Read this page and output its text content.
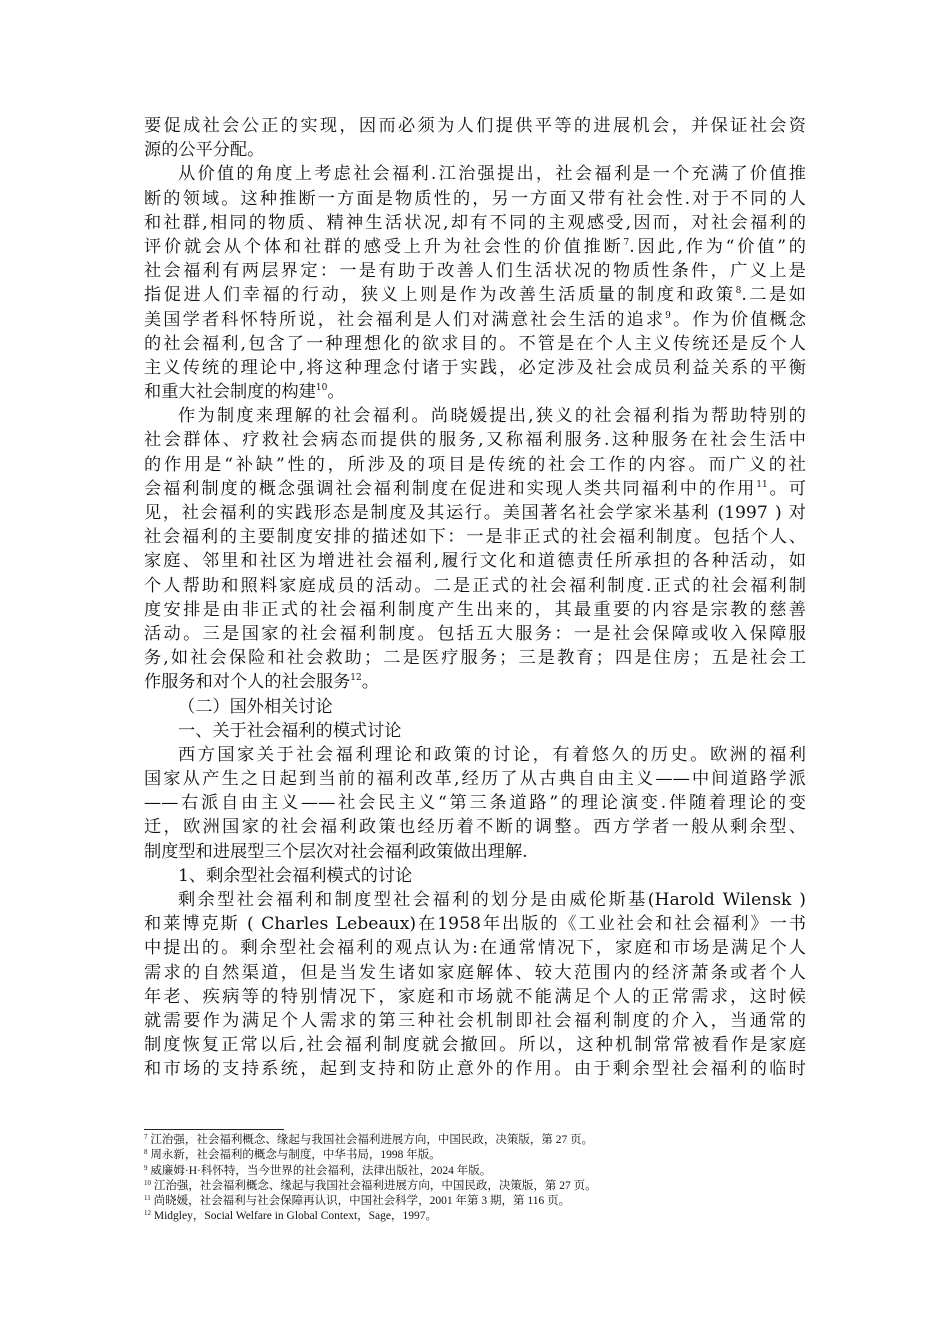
要促成社会公正的实现，因而必须为人们提供平等的进展机会，并保证社会资
源的公平分配。
从价值的角度上考虑社会福利.江治强提出，社会福利是一个充满了价值推
断的领域。这种推断一方面是物质性的，另一方面又带有社会性.对于不同的人
和社群,相同的物质、精神生活状况,却有不同的主观感受,因而，对社会福利的
评价就会从个体和社群的感受上升为社会性的价值推断$^7$.因此,作为“价值”的
社会福利有两层界定：一是有助于改善人们生活状况的物质性条件，广义上是
指促进人们幸福的行动，狭义上则是作为改善生活质量的制度和政策$^8$.二是如
美国学者科怀特所说，社会福利是人们对满意社会生活的追求$^9$。作为价值概念
的社会福利,包含了一种理想化的欲求目的。不管是在个人主义传统还是反个人
主义传统的理论中,将这种理念付诸于实践，必定涉及社会成员利益关系的平衡
和重大社会制度的构建$^{10}$。
作为制度来理解的社会福利。尚晓媛提出,狭义的社会福利指为帮助特别的
社会群体、疗救社会病态而提供的服务,又称福利服务.这种服务在社会生活中
的作用是“补缺”性的，所涉及的项目是传统的社会工作的内容。而广义的社
会福利制度的概念强调社会福利制度在促进和实现人类共同福利中的作用$^{11}$。可
见，社会福利的实践形态是制度及其运行。美国著名社会学家米基利 (1997 ) 对
社会福利的主要制度安排的描述如下：一是非正式的社会福利制度。包括个人、
家庭、邻里和社区为增进社会福利,履行文化和道德责任所承担的各种活动，如
个人帮助和照料家庭成员的活动。二是正式的社会福利制度.正式的社会福利制
度安排是由非正式的社会福利制度产生出来的，其最重要的内容是宗教的慈善
活动。三是国家的社会福利制度。包括五大服务：一是社会保障或收入保障服
务,如社会保险和社会救助；二是医疗服务；三是教育；四是住房；五是社会工
作服务和对个人的社会服务$^{12}$。
（二）国外相关讨论
一、关于社会福利的模式讨论
西方国家关于社会福利理论和政策的讨论，有着悠久的历史。欧洲的福利
国家从产生之日起到当前的福利改革,经历了从古典自由主义——中间道路学派
——右派自由主义——社会民主义“第三条道路”的理论演变.伴随着理论的变
迁，欧洲国家的社会福利政策也经历着不断的调整。西方学者一般从剩余型、
制度型和进展型三个层次对社会福利政策做出理解.
1、剩余型社会福利模式的讨论
剩余型社会福利和制度型社会福利的划分是由威伦斯基(Harold Wilensk )
和莱博克斯 ( Charles Lebeaux)在1958年出版的《工业社会和社会福利》一书
中提出的。剩余型社会福利的观点认为:在通常情况下，家庭和市场是满足个人
需求的自然渠道，但是当发生诸如家庭解体、较大范围内的经济萧条或者个人
年老、疾病等的特别情况下，家庭和市场就不能满足个人的正常需求，这时候
就需要作为满足个人需求的第三种社会机制即社会福利制度的介入，当通常的
制度恢复正常以后,社会福利制度就会撤回。所以，这种机制常常被看作是家庭
和市场的支持系统，起到支持和防止意外的作用。由于剩余型社会福利的临时
$^7$ 江治强，社会福利概念、缘起与我国社会福利进展方向，中国民政，决策版，第 27 页。
$^8$ 周永新，社会福利的概念与制度，中华书局，1998 年版。
$^9$ 威廉姆·H·科怀特，当今世界的社会福利，法律出版社，2024 年版。
$^{10}$ 江治强，社会福利概念、缘起与我国社会福利进展方向，中国民政，决策版，第 27 页。
$^{11}$ 尚晓媛，社会福利与社会保障再认识，中国社会科学，2001 年第 3 期，第 116 页。
$^{12}$ Midgley，Social Welfare in Global Context，Sage，1997。
